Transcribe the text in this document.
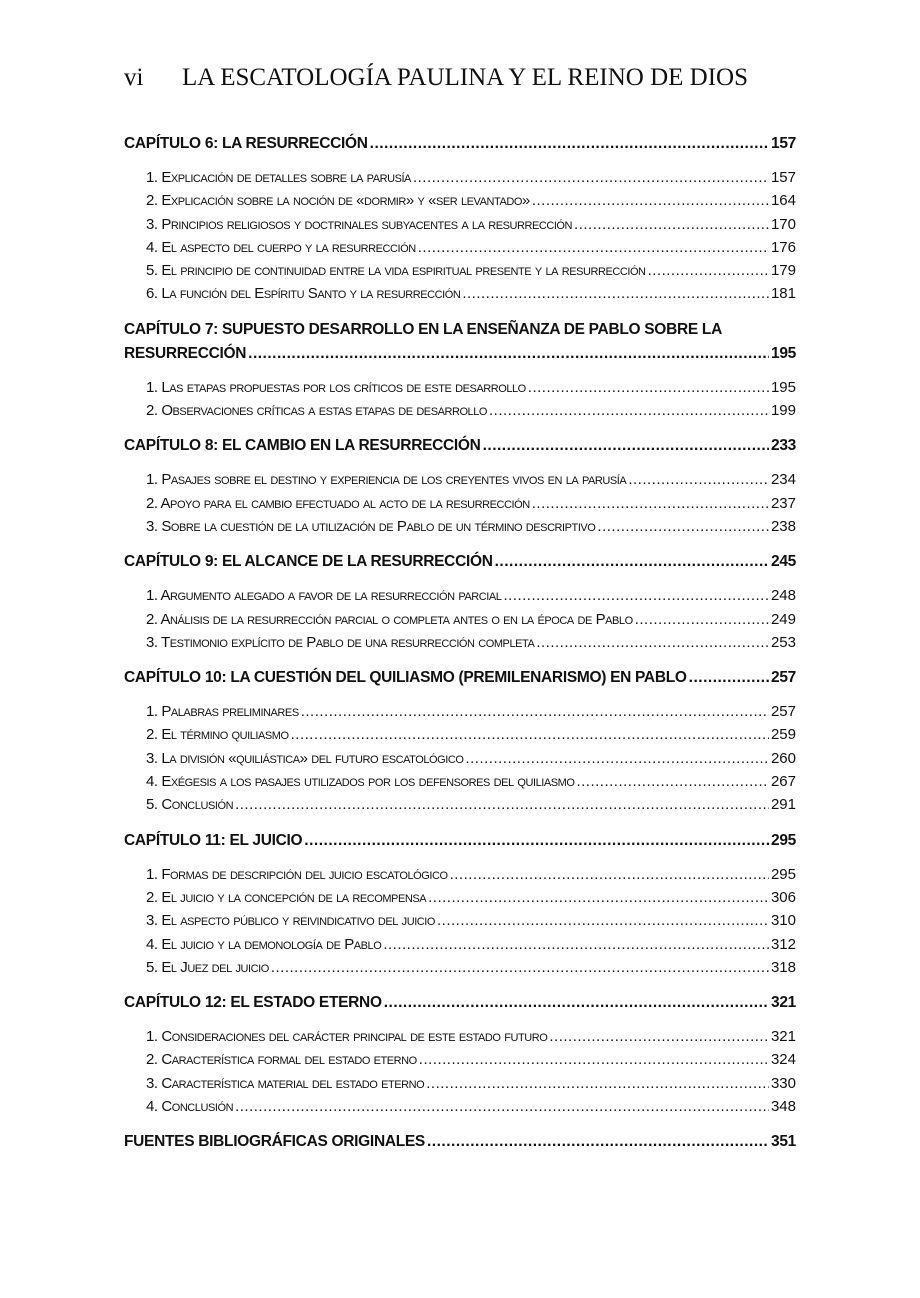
vi LA ESCATOLOGÍA PAULINA Y EL REINO DE DIOS
CAPÍTULO 6: LA RESURRECCIÓN .....	157
1. Explicación de detalles sobre la parusía .....	157
2. Explicación sobre la noción de «dormir» y «ser levantado» .....	164
3. Principios religiosos y doctrinales subyacentes a la resurrección .....	170
4. El aspecto del cuerpo y la resurrección .....	176
5. El principio de continuidad entre la vida espiritual presente y la resurrección .....	179
6. La función del Espíritu Santo y la resurrección .....	181
CAPÍTULO 7: SUPUESTO DESARROLLO EN LA ENSEÑANZA DE PABLO SOBRE LA
RESURRECCIÓN .....	195
1. Las etapas propuestas por los críticos de este desarrollo .....	195
2. Observaciones críticas a estas etapas de desarrollo .....	199
CAPÍTULO 8: EL CAMBIO EN LA RESURRECCIÓN .....	233
1. Pasajes sobre el destino y experiencia de los creyentes vivos en la parusía .....	234
2. Apoyo para el cambio efectuado al acto de la resurrección .....	237
3. Sobre la cuestión de la utilización de Pablo de un término descriptivo .....	238
CAPÍTULO 9: EL ALCANCE DE LA RESURRECCIÓN .....	245
1. Argumento alegado a favor de la resurrección parcial .....	248
2. Análisis de la resurrección parcial o completa antes o en la época de Pablo .....	249
3. Testimonio explícito de Pablo de una resurrección completa .....	253
CAPÍTULO 10: LA CUESTIÓN DEL QUILIASMO (PREMILENARISMO) EN PABLO .....	257
1. Palabras preliminares .....	257
2. El término quiliasmo .....	259
3. La división «quiliástica» del futuro escatológico .....	260
4. Exégesis a los pasajes utilizados por los defensores del quiliasmo .....	267
5. Conclusión .....	291
CAPÍTULO 11: EL JUICIO .....	295
1. Formas de descripción del juicio escatológico .....	295
2. El juicio y la concepción de la recompensa .....	306
3. El aspecto público y reivindicativo del juicio .....	310
4. El juicio y la demonología de Pablo .....	312
5. El Juez del juicio .....	318
CAPÍTULO 12: EL ESTADO ETERNO .....	321
1. Consideraciones del carácter principal de este estado futuro .....	321
2. Característica formal del estado eterno .....	324
3. Característica material del estado eterno .....	330
4. Conclusión .....	348
FUENTES BIBLIOGRÁFICAS ORIGINALES .....	351
